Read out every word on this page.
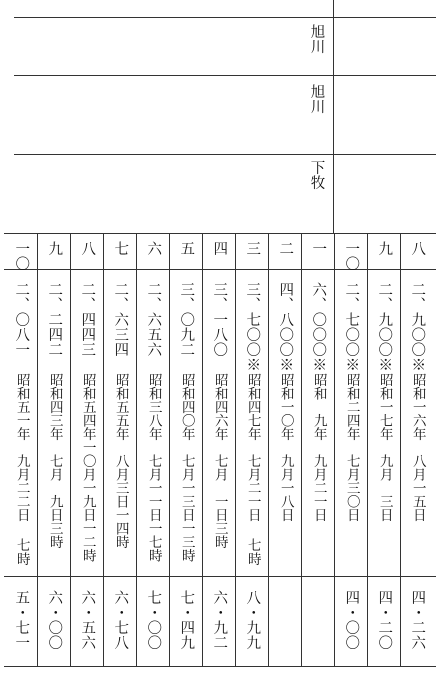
旭川
旭川
下牧
一〇
二、〇八一
昭和五一年　九月二二日
七時
五・七一
九
二、二四二
昭和四三年　七月　九日三時
六・〇〇
八
二、四四三
昭和五四年一〇月一九日一二時
六・五六
七
二、六三四
昭和五五年　八月三日一四時
六・七八
六
二、六五六
昭和三八年　七月一一日一七時
七・〇〇
五
三、〇九二
昭和四〇年　七月一三日一三時
七・四九
四
三、一八〇
昭和四六年　七月　一日三時
六・九二
三
三、七〇〇※
昭和四七年　七月二一日
七時
八・九九
二
四、八〇〇※
昭和一〇年　九月一八日
一
六、〇〇〇※
昭和　九年　九月二一日
一〇
二、七〇〇※
昭和二四年　七月三〇日
四・〇〇
九
二、九〇〇※
昭和一七年　九月　三日
四・二〇
八
二、九〇〇※
昭和一六年　八月一五日
四・二六
